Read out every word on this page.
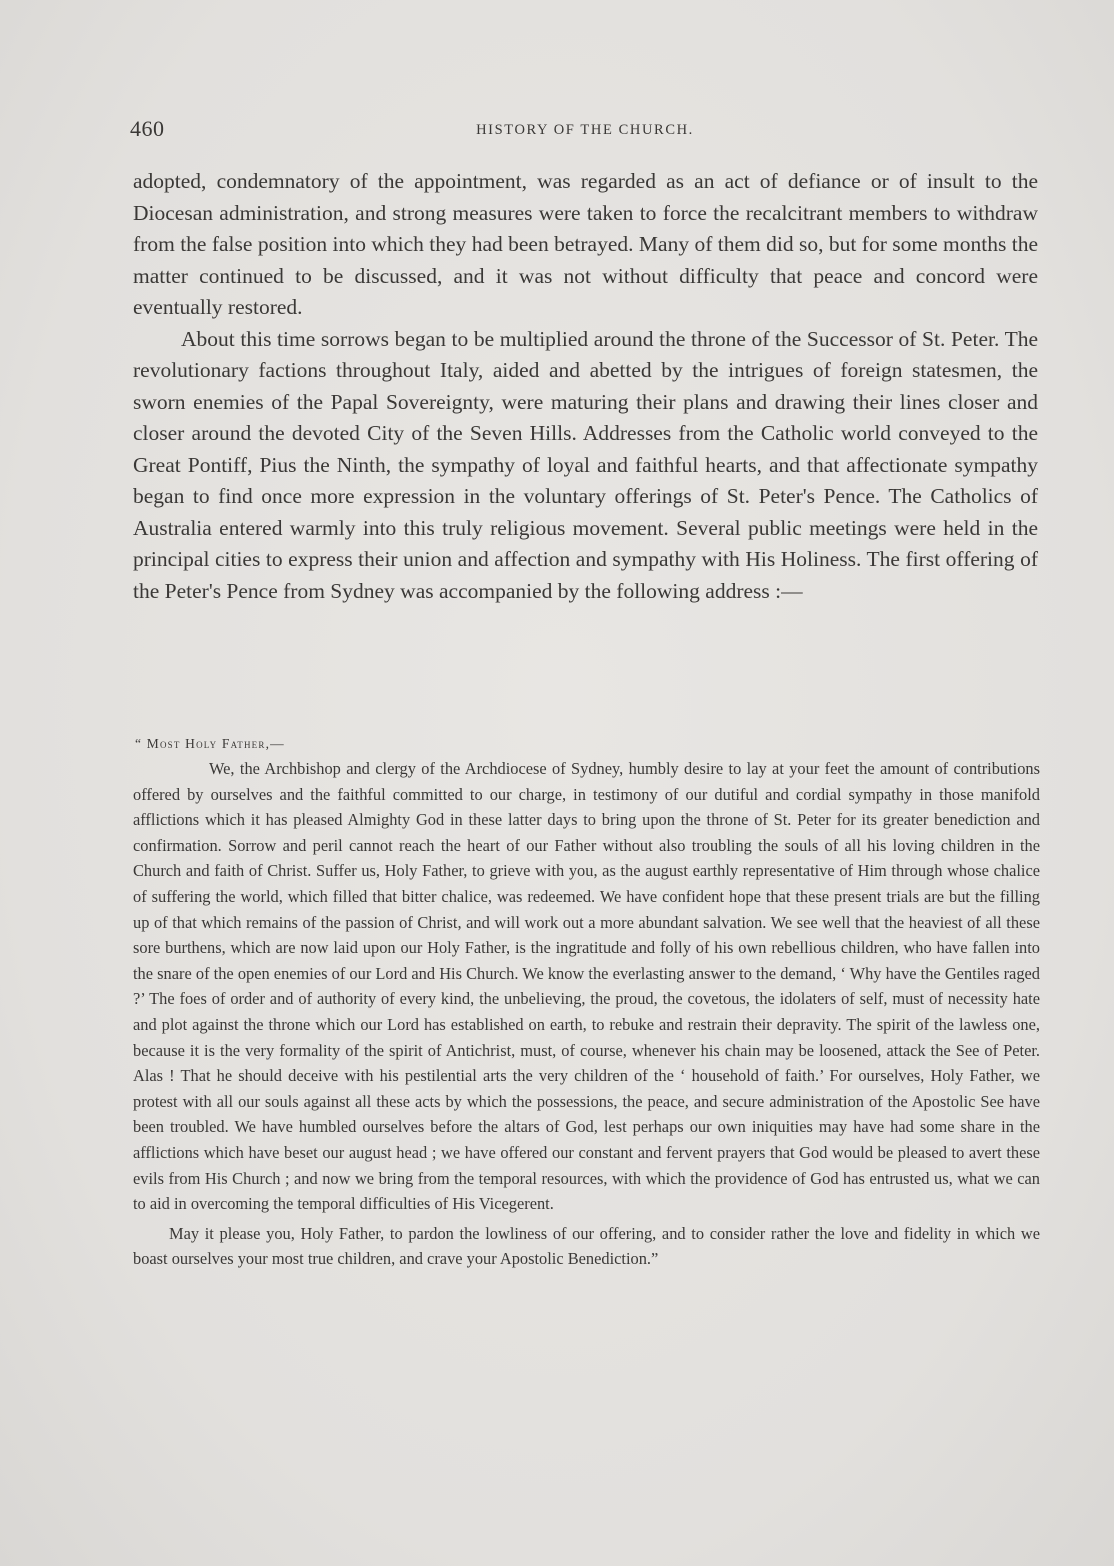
460	HISTORY OF THE CHURCH.

adopted, condemnatory of the appointment, was regarded as an act of defiance or of insult to the Diocesan administration, and strong measures were taken to force the recalcitrant members to withdraw from the false position into which they had been betrayed. Many of them did so, but for some months the matter continued to be discussed, and it was not without difficulty that peace and concord were eventually restored.

About this time sorrows began to be multiplied around the throne of the Successor of St. Peter. The revolutionary factions throughout Italy, aided and abetted by the intrigues of foreign statesmen, the sworn enemies of the Papal Sovereignty, were maturing their plans and drawing their lines closer and closer around the devoted City of the Seven Hills. Addresses from the Catholic world conveyed to the Great Pontiff, Pius the Ninth, the sympathy of loyal and faithful hearts, and that affectionate sympathy began to find once more expression in the voluntary offerings of St. Peter's Pence. The Catholics of Australia entered warmly into this truly religious movement. Several public meetings were held in the principal cities to express their union and affection and sympathy with His Holiness. The first offering of the Peter's Pence from Sydney was accompanied by the following address :—

“ Most Holy Father,—

We, the Archbishop and clergy of the Archdiocese of Sydney, humbly desire to lay at your feet the amount of contributions offered by ourselves and the faithful committed to our charge, in testimony of our dutiful and cordial sympathy in those manifold afflictions which it has pleased Almighty God in these latter days to bring upon the throne of St. Peter for its greater benediction and confirmation. Sorrow and peril cannot reach the heart of our Father without also troubling the souls of all his loving children in the Church and faith of Christ. Suffer us, Holy Father, to grieve with you, as the august earthly representative of Him through whose chalice of suffering the world, which filled that bitter chalice, was redeemed. We have confident hope that these present trials are but the filling up of that which remains of the passion of Christ, and will work out a more abundant salvation. We see well that the heaviest of all these sore burthens, which are now laid upon our Holy Father, is the ingratitude and folly of his own rebellious children, who have fallen into the snare of the open enemies of our Lord and His Church. We know the everlasting answer to the demand, ‘ Why have the Gentiles raged ?’ The foes of order and of authority of every kind, the unbelieving, the proud, the covetous, the idolaters of self, must of necessity hate and plot against the throne which our Lord has established on earth, to rebuke and restrain their depravity. The spirit of the lawless one, because it is the very formality of the spirit of Antichrist, must, of course, whenever his chain may be loosened, attack the See of Peter. Alas ! That he should deceive with his pestilential arts the very children of the ‘ household of faith.’ For ourselves, Holy Father, we protest with all our souls against all these acts by which the possessions, the peace, and secure administration of the Apostolic See have been troubled. We have humbled ourselves before the altars of God, lest perhaps our own iniquities may have had some share in the afflictions which have beset our august head ; we have offered our constant and fervent prayers that God would be pleased to avert these evils from His Church ; and now we bring from the temporal resources, with which the providence of God has entrusted us, what we can to aid in overcoming the temporal difficulties of His Vicegerent.

May it please you, Holy Father, to pardon the lowliness of our offering, and to consider rather the love and fidelity in which we boast ourselves your most true children, and crave your Apostolic Benediction.”
